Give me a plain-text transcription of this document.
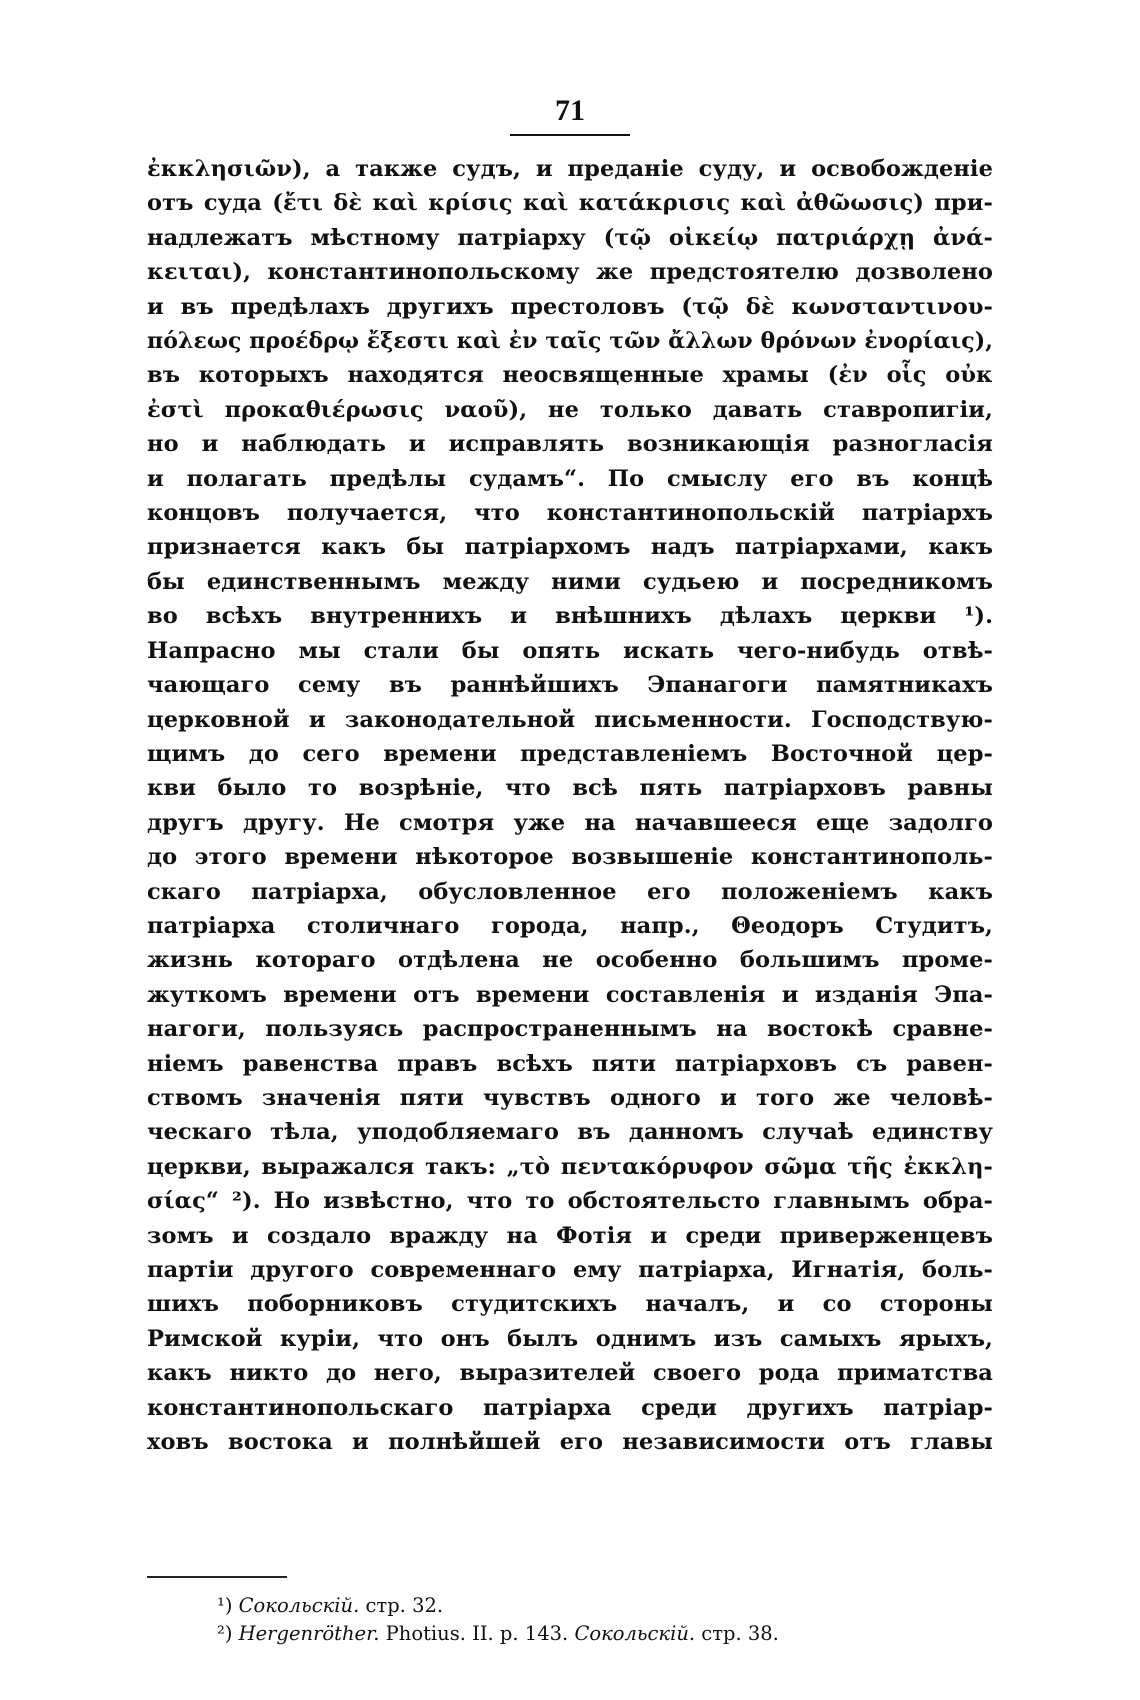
71
ἐκκλησιῶν), а также судъ, и преданіе суду, и освобожденіе
отъ суда (ἔτι δὲ καὶ κρίσις καὶ κατάκρισις καὶ ἀθῶωσις) при-
надлежатъ мѣстному патріарху (τῷ οἰκείῳ πατριάρχῃ ἀνά-
κειται), константинопольскому же предстоятелю дозволено
и въ предѣлахъ другихъ престоловъ (τῷ δὲ κωνσταντινου-
πόλεως προέδρῳ ἔξεστι καὶ ἐν ταῖς τῶν ἄλλων θρόνων ἐνορίαις),
въ которыхъ находятся неосвященные храмы (ἐν οἷς οὐκ
ἐστὶ προκαθιέρωσις ναοῦ), не только давать ставропигіи,
но и наблюдать и исправлять возникающія разногласія
и полагать предѣлы судамъ“. По смыслу его въ концѣ
концовъ получается, что константинопольскій патріархъ
признается какъ бы патріархомъ надъ патріархами, какъ
бы единственнымъ между ними судьею и посредникомъ
во всѣхъ внутреннихъ и внѣшнихъ дѣлахъ церкви ¹).
Напрасно мы стали бы опять искать чего-нибудь отвѣ-
чающаго сему въ раннѣйшихъ Эпанагоги памятникахъ
церковной и законодательной письменности. Господствую-
щимъ до сего времени представленіемъ Восточной цер-
кви было то возрѣніе, что всѣ пять патріарховъ равны
другъ другу. Не смотря уже на начавшееся еще задолго
до этого времени нѣкоторое возвышеніе константинополь-
скаго патріарха, обусловленное его положеніемъ какъ
патріарха столичнаго города, напр., Θеодоръ Студитъ,
жизнь котораго отдѣлена не особенно большимъ проме-
жуткомъ времени отъ времени составленія и изданія Эпа-
нагоги, пользуясь распространеннымъ на востокѣ сравне-
ніемъ равенства правъ всѣхъ пяти патріарховъ съ равен-
ствомъ значенія пяти чувствъ одного и того же человѣ-
ческаго тѣла, уподобляемаго въ данномъ случаѣ единству
церкви, выражался такъ: „τὸ πεντακόρυφον σῶμα τῆς ἐκκλη-
σίας“ ²). Но извѣстно, что то обстоятельсто главнымъ обра-
зомъ и создало вражду на Фотія и среди приверженцевъ
партіи другого современнаго ему патріарха, Игнатія, боль-
шихъ поборниковъ студитскихъ началъ, и со стороны
Римской куріи, что онъ былъ однимъ изъ самыхъ ярыхъ,
какъ никто до него, выразителей своего рода приматства
константинопольскаго патріарха среди другихъ патріар-
ховъ востока и полнѣйшей его независимости отъ главы
¹) Сокольскій. стр. 32.
²) Hergenröther. Photius. II. p. 143. Сокольскій. стр. 38.
